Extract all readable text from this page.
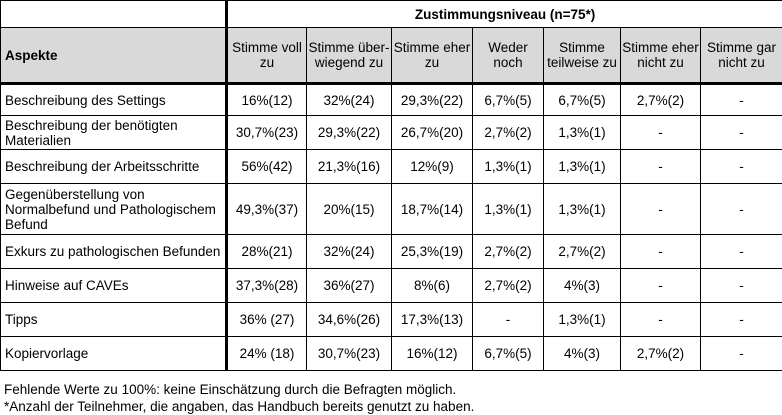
	Zustimmungsniveau (n=75*)						
Aspekte	Stimme voll zu	Stimme über-wiegend zu	Stimme eher zu	Weder noch	Stimme teilweise zu	Stimme eher nicht zu	Stimme gar nicht zu
Beschreibung des Settings	16%(12)	32%(24)	29,3%(22)	6,7%(5)	6,7%(5)	2,7%(2)	-
Beschreibung der benötigten Materialien	30,7%(23)	29,3%(22)	26,7%(20)	2,7%(2)	1,3%(1)	-	-
Beschreibung der Arbeitsschritte	56%(42)	21,3%(16)	12%(9)	1,3%(1)	1,3%(1)	-	-
Gegenüberstellung von Normalbefund und Pathologischem Befund	49,3%(37)	20%(15)	18,7%(14)	1,3%(1)	1,3%(1)	-	-
Exkurs zu pathologischen Befunden	28%(21)	32%(24)	25,3%(19)	2,7%(2)	2,7%(2)	-	-
Hinweise auf CAVEs	37,3%(28)	36%(27)	8%(6)	2,7%(2)	4%(3)	-	-
Tipps	36% (27)	34,6%(26)	17,3%(13)	-	1,3%(1)	-	-
Kopiervorlage	24% (18)	30,7%(23)	16%(12)	6,7%(5)	4%(3)	2,7%(2)	-
Fehlende Werte zu 100%: keine Einschätzung durch die Befragten möglich.
*Anzahl der Teilnehmer, die angaben, das Handbuch bereits genutzt zu haben.
